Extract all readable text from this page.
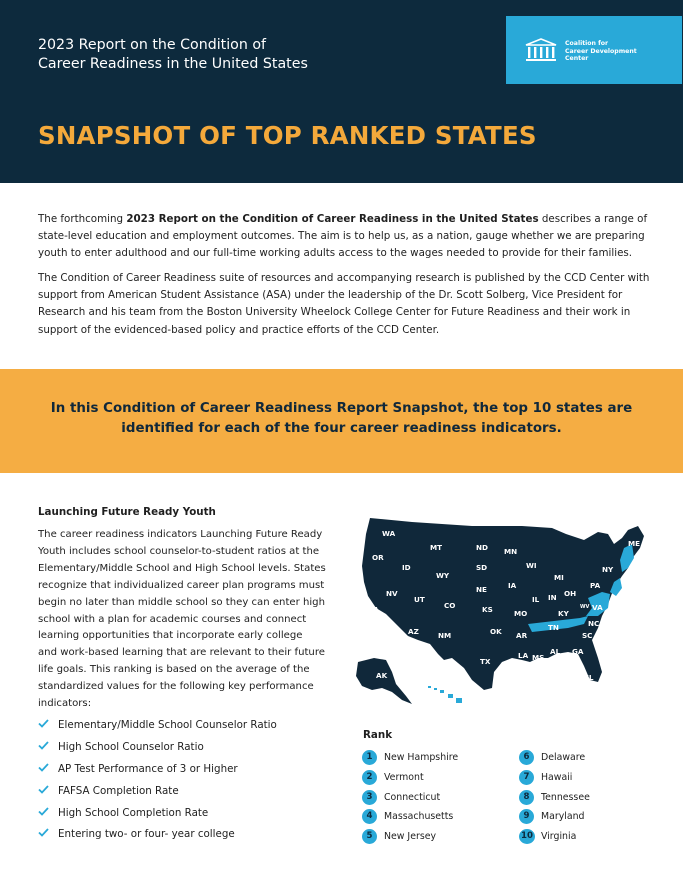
2023 Report on the Condition of
Career Readiness in the United States
Coalition for
Career Development
Center
SNAPSHOT OF TOP RANKED STATES

The forthcoming 2023 Report on the Condition of Career Readiness in the United States describes a range of state-level education and employment outcomes. The aim is to help us, as a nation, gauge whether we are preparing youth to enter adulthood and our full-time working adults access to the wages needed to provide for their families.

The Condition of Career Readiness suite of resources and accompanying research is published by the CCD Center with support from American Student Assistance (ASA) under the leadership of the Dr. Scott Solberg, Vice President for Research and his team from the Boston University Wheelock College Center for Future Readiness and their work in support of the evidenced-based policy and practice efforts of the CCD Center.

In this Condition of Career Readiness Report Snapshot, the top 10 states are
identified for each of the four career readiness indicators.
Launching Future Ready Youth
The career readiness indicators Launching Future Ready
Youth includes school counselor-to-student ratios at the
Elementary/Middle School and High School levels. States
recognize that individualized career plan programs must
begin no later than middle school so they can enter high
school with a plan for academic courses and connect
learning opportunities that incorporate early college
and work-based learning that are relevant to their future
life goals. This ranking is based on the average of the
standardized values for the following key performance
indicators:
Elementary/Middle School Counselor Ratio
High School Counselor Ratio
AP Test Performance of 3 or Higher
FAFSA Completion Rate
High School Completion Rate
Entering two- or four- year college
WA
OR
CA
NV
ID
MT
WY
UT
AZ
CO
NM
ND
SD
NE
KS
OK
TX
MN
IA
MO
AR
LA
WI
IL
MI
IN OH
KY
TN
MS
AL GA
FL
SC
NC
VA
WV
PA
NY
ME
AK
HI
Rank
1	New Hampshire
2	Vermont
3	Connecticut
4	Massachusetts
5	New Jersey
6	Delaware
7	Hawaii
8	Tennessee
9	Maryland
10 Virginia
